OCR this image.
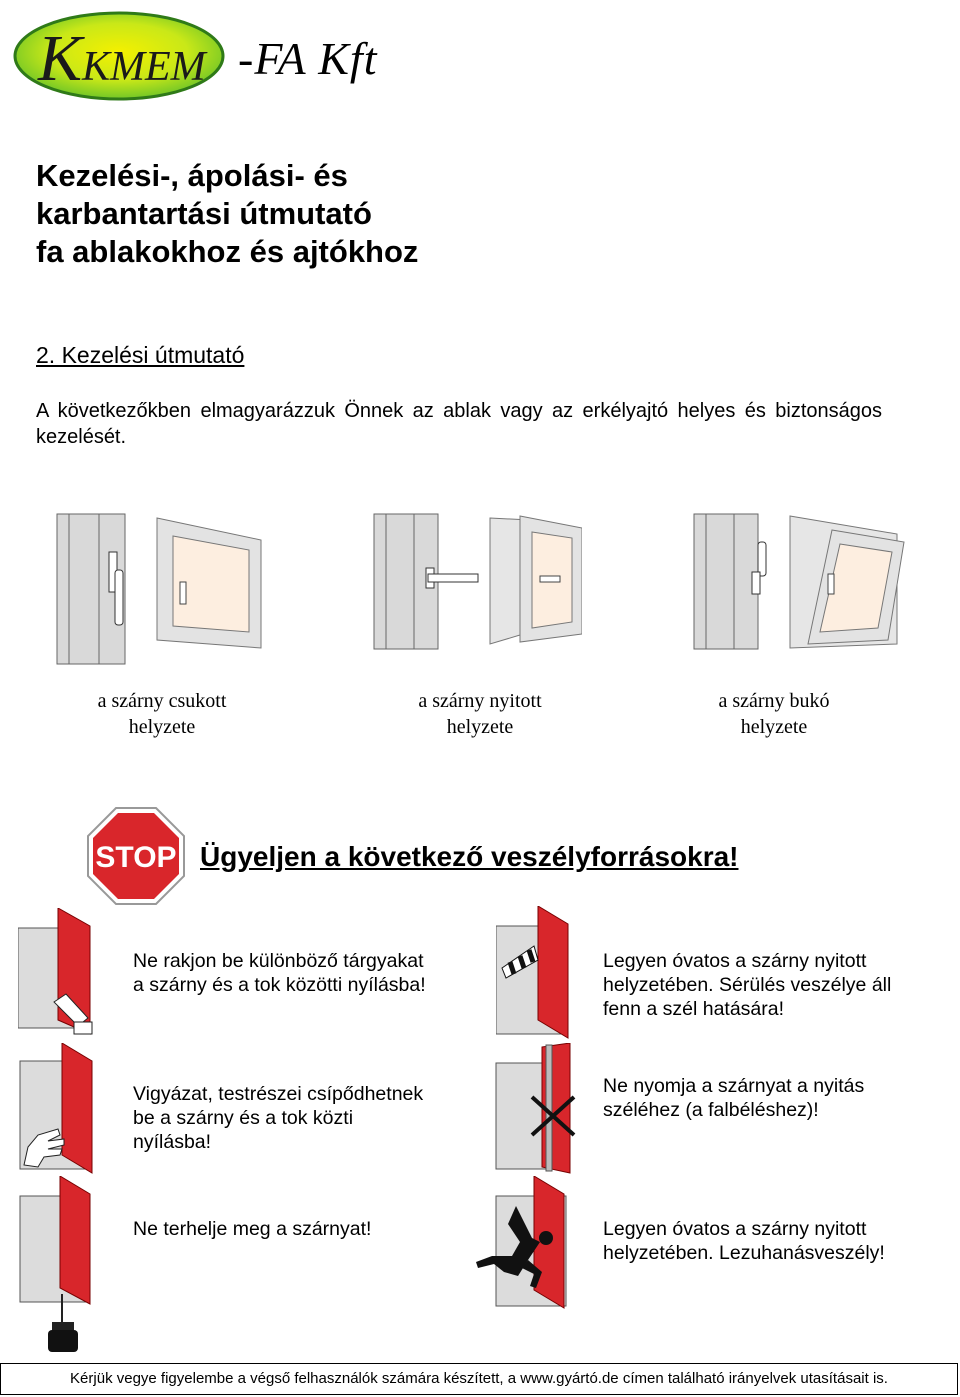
K KMEM -FA Kft
Kezelési-, ápolási- és
karbantartási útmutató
fa ablakokhoz és ajtókhoz
2. Kezelési útmutató
A következőkben elmagyarázzuk Önnek az ablak vagy az erkélyajtó helyes és biztonságos kezelését.
a szárny csukott
helyzete
a szárny nyitott
helyzete
a szárny bukó
helyzete
STOP Ügyeljen a következő veszélyforrásokra!
Ne rakjon be különböző tárgyakat
a szárny és a tok közötti nyílásba!
Legyen óvatos a szárny nyitott
helyzetében. Sérülés veszélye áll
fenn a szél hatására!
Vigyázat, testrészei csípődhetnek
be a szárny és a tok közti
nyílásba!
Ne nyomja a szárnyat a nyitás
széléhez (a falbéléshez)!
Ne terhelje meg a szárnyat!	Legyen óvatos a szárny nyitott
helyzetében. Lezuhanásveszély!
Kérjük vegye figyelembe a végső felhasználók számára készített, a www.gyártó.de címen található irányelvek utasításait is.
